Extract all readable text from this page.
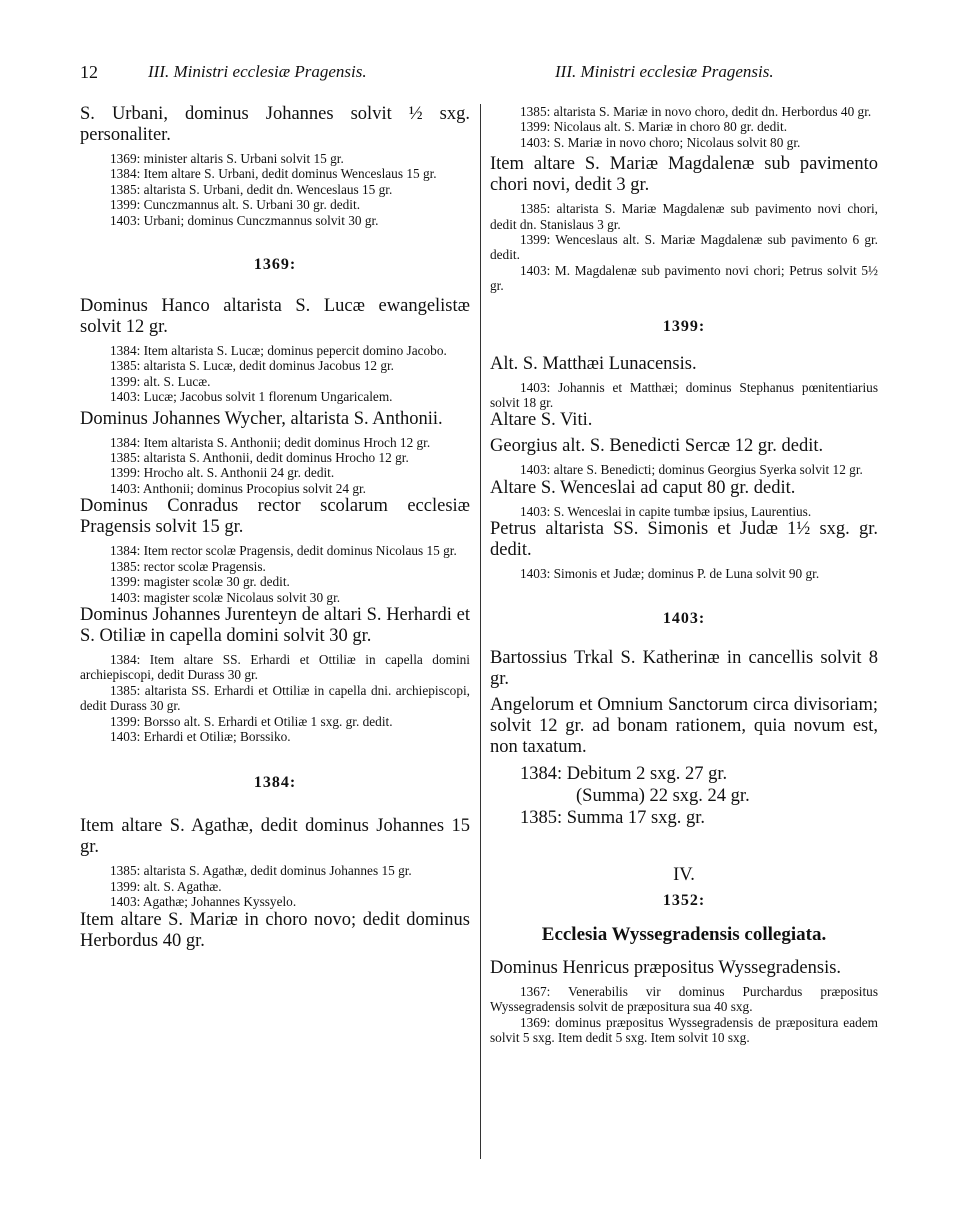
12	III. Ministri ecclesiæ Pragensis.	III. Ministri ecclesiæ Pragensis.

S. Urbani, dominus Johannes solvit ½ sxg. personaliter.

1369: minister altaris S. Urbani solvit 15 gr.

1384: Item altare S. Urbani, dedit dominus Wenceslaus 15 gr.

1385: altarista S. Urbani, dedit dn. Wenceslaus 15 gr.

1399: Cunczmannus alt. S. Urbani 30 gr. dedit.

1403: Urbani; dominus Cunczmannus solvit 30 gr.

1369:

Dominus Hanco altarista S. Lucæ ewangelistæ solvit 12 gr.

1384: Item altarista S. Lucæ; dominus pepercit domino Jacobo.

1385: altarista S. Lucæ, dedit dominus Jacobus 12 gr.

1399: alt. S. Lucæ.

1403: Lucæ; Jacobus solvit 1 florenum Ungaricalem.

Dominus Johannes Wycher, altarista S. Anthonii.

1384: Item altarista S. Anthonii; dedit dominus Hroch 12 gr.

1385: altarista S. Anthonii, dedit dominus Hrocho 12 gr.

1399: Hrocho alt. S. Anthonii 24 gr. dedit.

1403: Anthonii; dominus Procopius solvit 24 gr.

Dominus Conradus rector scolarum ecclesiæ Pragensis solvit 15 gr.

1384: Item rector scolæ Pragensis, dedit dominus Nicolaus 15 gr.

1385: rector scolæ Pragensis.

1399: magister scolæ 30 gr. dedit.

1403: magister scolæ Nicolaus solvit 30 gr.

Dominus Johannes Jurenteyn de altari S. Herhardi et S. Otiliæ in capella domini solvit 30 gr.

1384: Item altare SS. Erhardi et Ottiliæ in capella domini archiepiscopi, dedit Durass 30 gr.

1385: altarista SS. Erhardi et Ottiliæ in capella dni. archiepiscopi, dedit Durass 30 gr.

1399: Borsso alt. S. Erhardi et Otiliæ 1 sxg. gr. dedit.

1403: Erhardi et Otiliæ; Borssiko.

1384:

Item altare S. Agathæ, dedit dominus Johannes 15 gr.

1385: altarista S. Agathæ, dedit dominus Johannes 15 gr.

1399: alt. S. Agathæ.

1403: Agathæ; Johannes Kyssyelo.

Item altare S. Mariæ in choro novo; dedit dominus Herbordus 40 gr.

1385: altarista S. Mariæ in novo choro, dedit dn. Herbordus 40 gr.

1399: Nicolaus alt. S. Mariæ in choro 80 gr. dedit.

1403: S. Mariæ in novo choro; Nicolaus solvit 80 gr.

Item altare S. Mariæ Magdalenæ sub pavimento chori novi, dedit 3 gr.

1385: altarista S. Mariæ Magdalenæ sub pavimento novi chori, dedit dn. Stanislaus 3 gr.

1399: Wenceslaus alt. S. Mariæ Magdalenæ sub pavimento 6 gr. dedit.

1403: M. Magdalenæ sub pavimento novi chori; Petrus solvit 5½ gr.

1399:

Alt. S. Matthæi Lunacensis.

1403: Johannis et Matthæi; dominus Stephanus pœnitentiarius solvit 18 gr.

Altare S. Viti.

Georgius alt. S. Benedicti Sercæ 12 gr. dedit.

1403: altare S. Benedicti; dominus Georgius Syerka solvit 12 gr.

Altare S. Wenceslai ad caput 80 gr. dedit.

1403: S. Wenceslai in capite tumbæ ipsius, Laurentius.

Petrus altarista SS. Simonis et Judæ 1½ sxg. gr. dedit.

1403: Simonis et Judæ; dominus P. de Luna solvit 90 gr.

1403:

Bartossius Trkal S. Katherinæ in cancellis solvit 8 gr.

Angelorum et Omnium Sanctorum circa divisoriam; solvit 12 gr. ad bonam rationem, quia novum est, non taxatum.

1384: Debitum 2 sxg. 27 gr.
(Summa) 22 sxg. 24 gr.
1385: Summa 17 sxg. gr.

IV.

1352:

Ecclesia Wyssegradensis collegiata.

Dominus Henricus præpositus Wyssegradensis.

1367: Venerabilis vir dominus Purchardus præpositus Wyssegradensis solvit de præpositura sua 40 sxg.

1369: dominus præpositus Wyssegradensis de præpositura eadem solvit 5 sxg. Item dedit 5 sxg. Item solvit 10 sxg.
